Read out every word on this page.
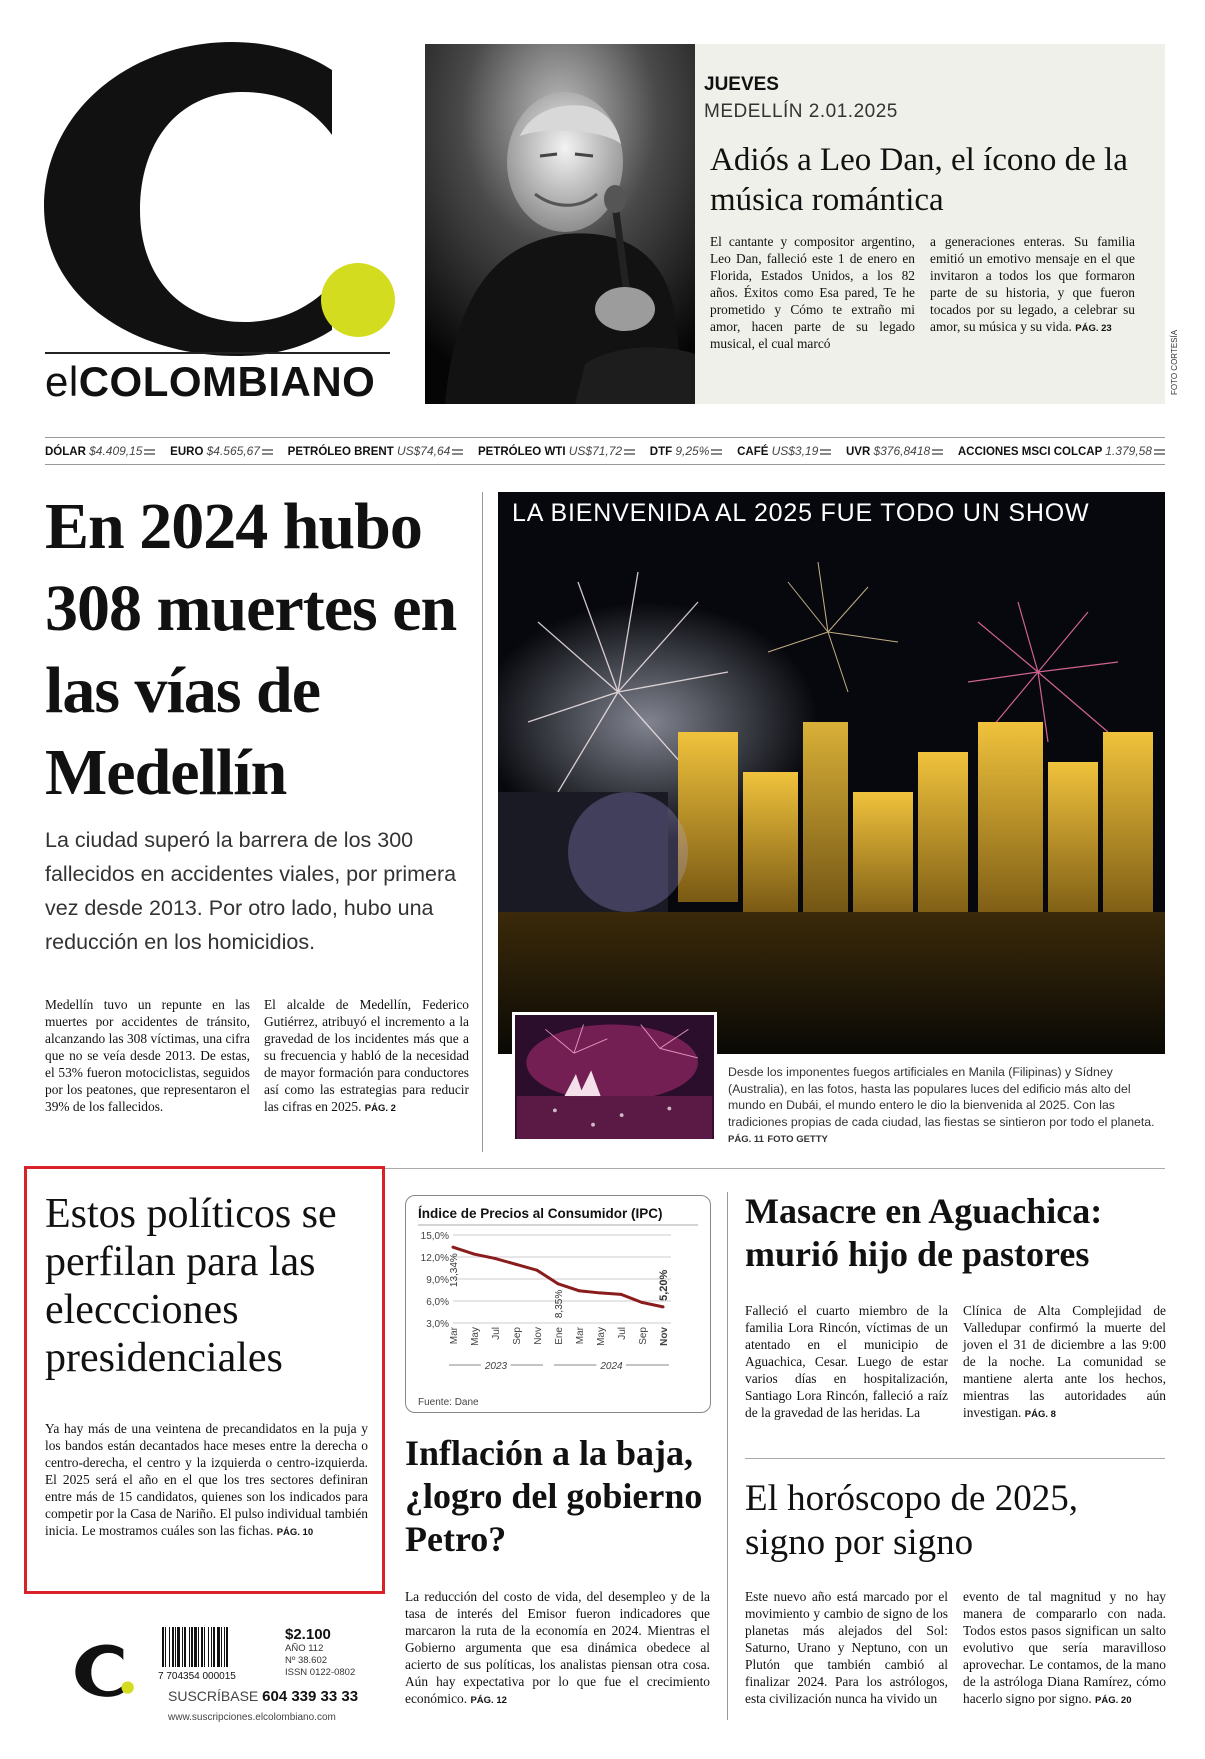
elCOLOMBIANO
JUEVES
MEDELLÍN 2.01.2025
Adiós a Leo Dan, el ícono de la música romántica
El cantante y compositor argentino, Leo Dan, falleció este 1 de enero en Florida, Estados Unidos, a los 82 años. Éxitos como Esa pared, Te he prometido y Cómo te extraño mi amor, hacen parte de su legado musical, el cual marcó
a generaciones enteras. Su familia emitió un emotivo mensaje en el que invitaron a todos los que formaron parte de su historia, y que fueron tocados por su legado, a celebrar su amor, su música y su vida. PÁG. 23
FOTO CORTESÍA
DÓLAR $4.409,15	EURO $4.565,67	PETRÓLEO BRENT US$74,64	PETRÓLEO WTI US$71,72	DTF 9,25%	CAFÉ US$3,19	UVR $376,8418	ACCIONES MSCI COLCAP 1.379,58
En 2024 hubo 308 muertes en las vías de Medellín
La ciudad superó la barrera de los 300 fallecidos en accidentes viales, por primera vez desde 2013. Por otro lado, hubo una reducción en los homicidios.
Medellín tuvo un repunte en las muertes por accidentes de tránsito, alcanzando las 308 víctimas, una cifra que no se veía desde 2013. De estas, el 53% fueron motociclistas, seguidos por los peatones, que representaron el 39% de los fallecidos.
El alcalde de Medellín, Federico Gutiérrez, atribuyó el incremento a la gravedad de los incidentes más que a su frecuencia y habló de la necesidad de mayor formación para conductores así como las estrategias para reducir las cifras en 2025. PÁG. 2
LA BIENVENIDA AL 2025 FUE TODO UN SHOW
Desde los imponentes fuegos artificiales en Manila (Filipinas) y Sídney (Australia), en las fotos, hasta las populares luces del edificio más alto del mundo en Dubái, el mundo entero le dio la bienvenida al 2025. Con las tradiciones propias de cada ciudad, las fiestas se sintieron por todo el planeta. PÁG. 11 FOTO GETTY
Estos políticos se perfilan para las eleccciones presidenciales
Ya hay más de una veintena de precandidatos en la puja y los bandos están decantados hace meses entre la derecha o centro-derecha, el centro y la izquierda o centro-izquierda. El 2025 será el año en el que los tres sectores definiran entre más de 15 candidatos, quienes son los indicados para competir por la Casa de Nariño. El pulso individual también inicia. Le mostramos cuáles son las fichas. PÁG. 10
Índice de Precios al Consumidor (IPC)
15,0%
12,0%
9,0%
6,0%
3,0%
13,34%
8,35%
5,20%
Mar May Jul Sep Nov Ene Mar May Jul Sep Nov
2023	2024
Fuente: Dane
Inflación a la baja, ¿logro del gobierno Petro?
La reducción del costo de vida, del desempleo y de la tasa de interés del Emisor fueron indicadores que marcaron la ruta de la economía en 2024. Mientras el Gobierno argumenta que esa dinámica obedece al acierto de sus políticas, los analistas piensan otra cosa. Aún hay expectativa por lo que fue el crecimiento económico. PÁG. 12
Masacre en Aguachica: murió hijo de pastores
Falleció el cuarto miembro de la familia Lora Rincón, víctimas de un atentado en el municipio de Aguachica, Cesar. Luego de estar varios días en hospitalización, Santiago Lora Rincón, falleció a raíz de la gravedad de las heridas. La
Clínica de Alta Complejidad de Valledupar confirmó la muerte del joven el 31 de diciembre a las 9:00 de la noche. La comunidad se mantiene alerta ante los hechos, mientras las autoridades aún investigan. PÁG. 8
El horóscopo de 2025, signo por signo
Este nuevo año está marcado por el movimiento y cambio de signo de los planetas más alejados del Sol: Saturno, Urano y Neptuno, con un Plutón que también cambió al finalizar 2024. Para los astrólogos, esta civilización nunca ha vivido un
evento de tal magnitud y no hay manera de compararlo con nada. Todos estos pasos significan un salto evolutivo que sería maravilloso aprovechar. Le contamos, de la mano de la astróloga Diana Ramírez, cómo hacerlo signo por signo. PÁG. 20
7 704354 000015
$2.100
AÑO 112
Nº 38.602
ISSN 0122-0802
SUSCRÍBASE 604 339 33 33
www.suscripciones.elcolombiano.com
